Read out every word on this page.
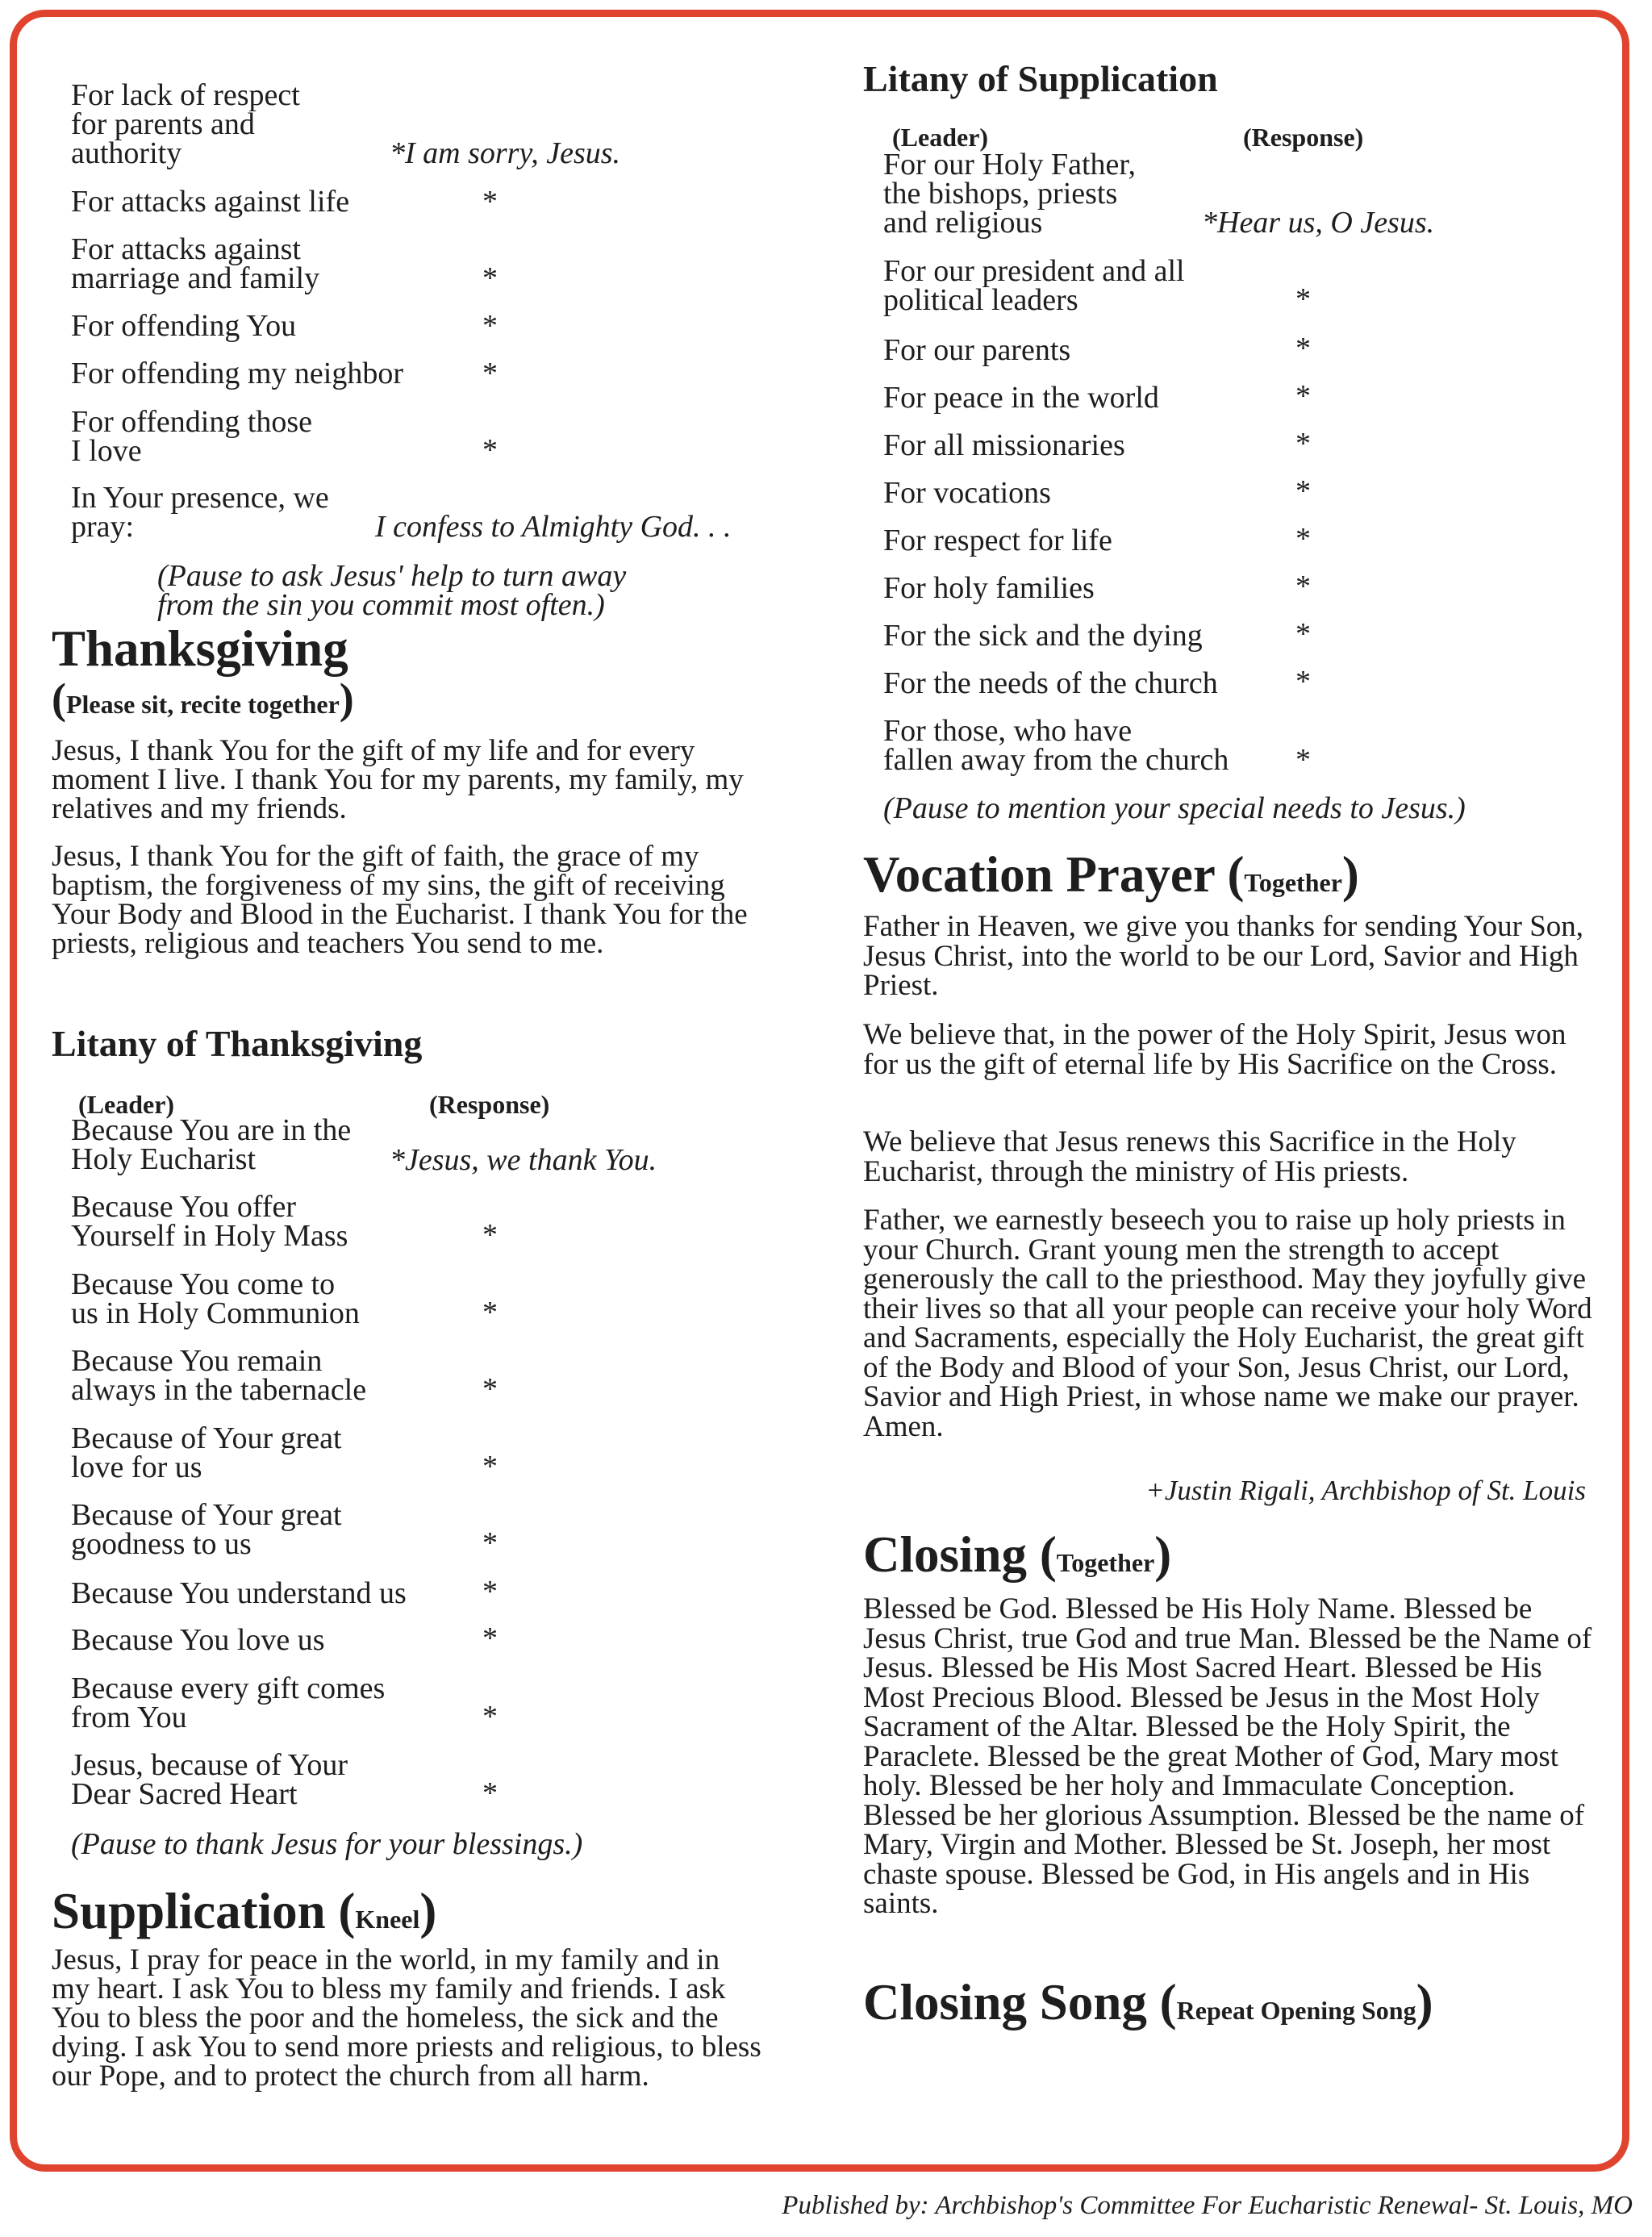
For lack of respect
for parents and
authority	*I am sorry, Jesus.

For attacks against life	*

For attacks against
marriage and family	*

For offending You	*

For offending my neighbor	*

For offending those
I love	*

In Your presence, we
pray:	I confess to Almighty God. . .

(Pause to ask Jesus' help to turn away
from the sin you commit most often.)

Thanksgiving

(Please sit, recite together)

Jesus, I thank You for the gift of my life and for every moment I live. I thank You for my parents, my family, my relatives and my friends.

Jesus, I thank You for the gift of faith, the grace of my baptism, the forgiveness of my sins, the gift of receiving Your Body and Blood in the Eucharist. I thank You for the priests, religious and teachers You send to me.

Litany of Thanksgiving

(Leader)	(Response)

Because You are in the
Holy Eucharist	*Jesus, we thank You.

Because You offer
Yourself in Holy Mass	*

Because You come to
us in Holy Communion	*

Because You remain
always in the tabernacle	*

Because of Your great
love for us	*

Because of Your great
goodness to us	*

Because You understand us *

Because You love us	*

Because every gift comes
from You	*

Jesus, because of Your
Dear Sacred Heart	*

(Pause to thank Jesus for your blessings.)

Supplication (Kneel)

Jesus, I pray for peace in the world, in my family and in my heart. I ask You to bless my family and friends. I ask You to bless the poor and the homeless, the sick and the dying. I ask You to send more priests and religious, to bless our Pope, and to protect the church from all harm.

Litany of Supplication

(Leader)	(Response)

For our Holy Father,
the bishops, priests
and religious	*Hear us, O Jesus.

For our president and all
political leaders	*

For our parents	*

For peace in the world	*

For all missionaries	*

For vocations	*

For respect for life	*

For holy families	*

For the sick and the dying	*

For the needs of the church	*

For those, who have
fallen away from the church *

(Pause to mention your special needs to Jesus.)

Vocation Prayer (Together)

Father in Heaven, we give you thanks for sending Your Son, Jesus Christ, into the world to be our Lord, Savior and High Priest.

We believe that, in the power of the Holy Spirit, Jesus won for us the gift of eternal life by His Sacrifice on the Cross.

We believe that Jesus renews this Sacrifice in the Holy Eucharist, through the ministry of His priests.

Father, we earnestly beseech you to raise up holy priests in your Church. Grant young men the strength to accept generously the call to the priesthood. May they joyfully give their lives so that all your people can receive your holy Word and Sacraments, especially the Holy Eucharist, the great gift of the Body and Blood of your Son, Jesus Christ, our Lord, Savior and High Priest, in whose name we make our prayer. Amen.

+Justin Rigali, Archbishop of St. Louis

Closing (Together)

Blessed be God. Blessed be His Holy Name. Blessed be Jesus Christ, true God and true Man. Blessed be the Name of Jesus. Blessed be His Most Sacred Heart. Blessed be His Most Precious Blood. Blessed be Jesus in the Most Holy Sacrament of the Altar. Blessed be the Holy Spirit, the Paraclete. Blessed be the great Mother of God, Mary most holy. Blessed be her holy and Immaculate Conception. Blessed be her glorious Assumption. Blessed be the name of Mary, Virgin and Mother. Blessed be St. Joseph, her most chaste spouse. Blessed be God, in His angels and in His saints.

Closing Song (Repeat Opening Song)

Published by: Archbishop's Committee For Eucharistic Renewal- St. Louis, MO
